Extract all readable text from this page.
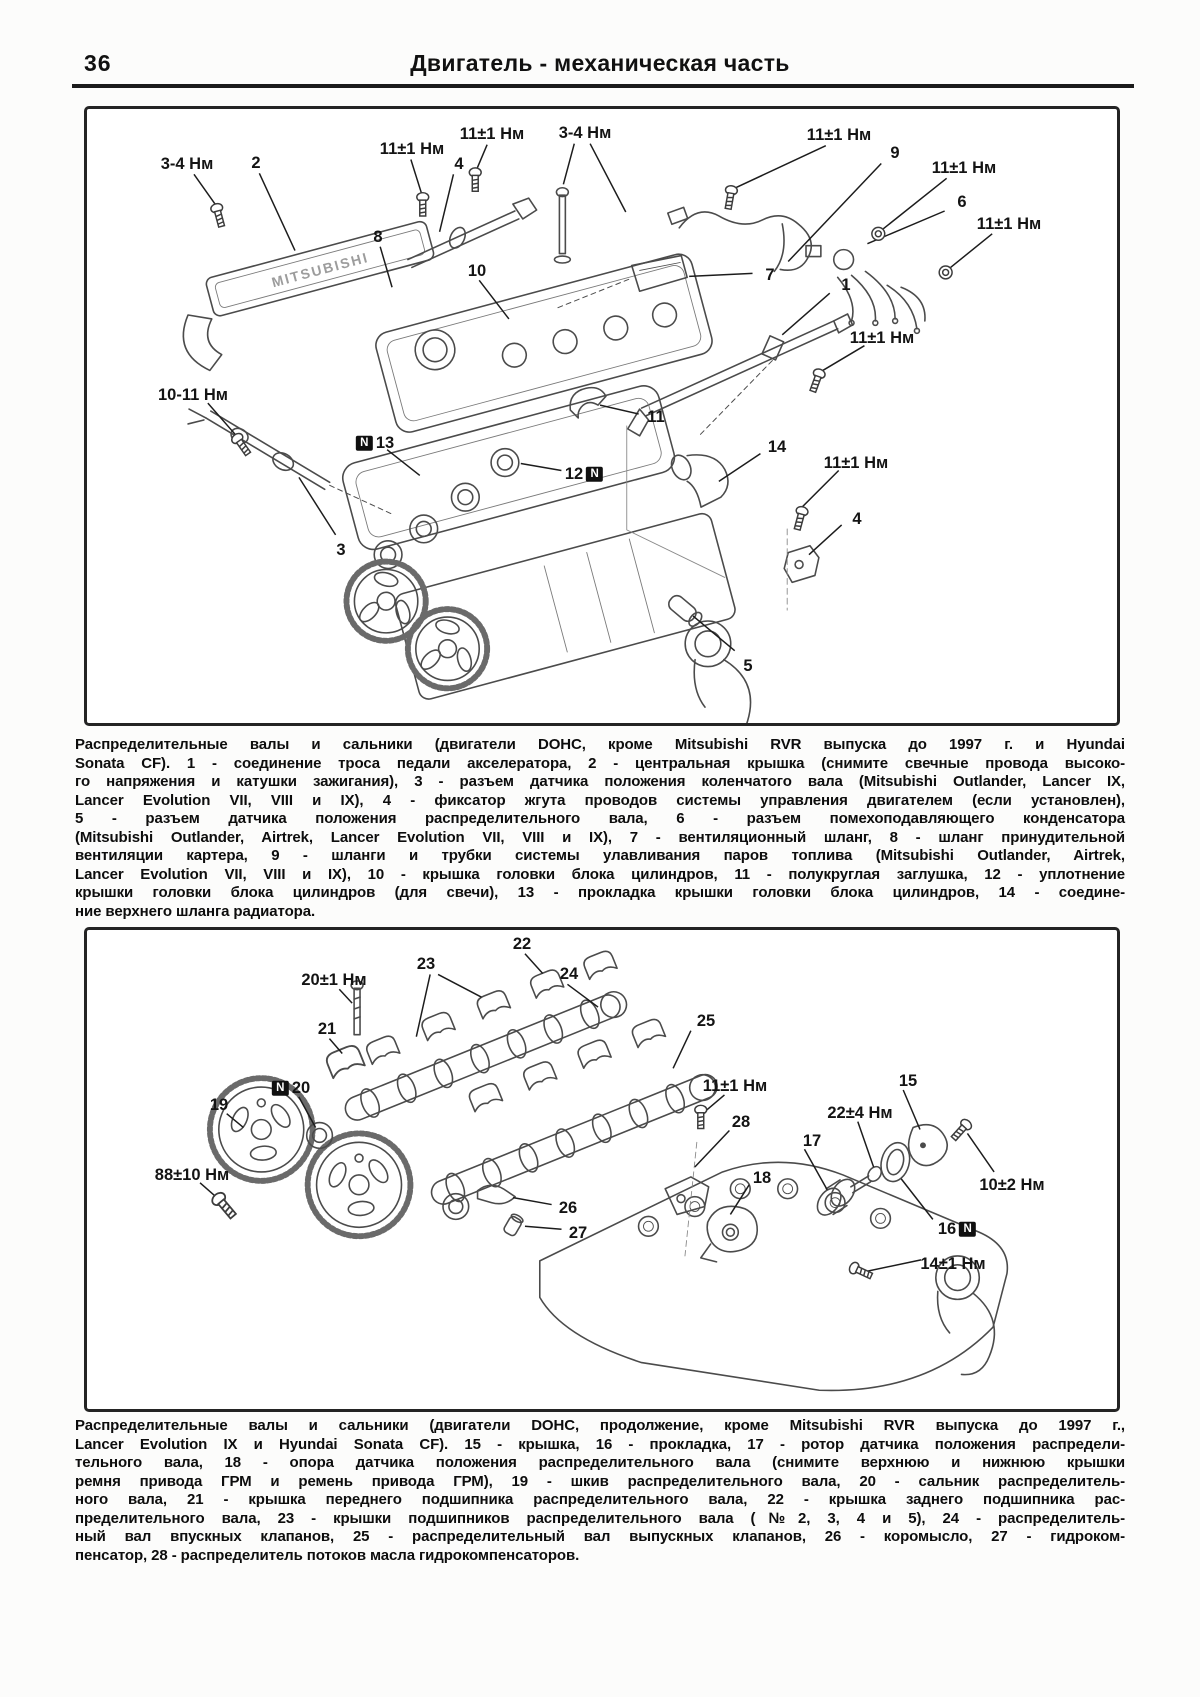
36	Двигатель - механическая часть
MITSUBISHI
3-4 Нм 2
11±1 Нм
4
11±1 Нм 3-4 Нм	11±1 Нм
9
11±1 Нм
6
11±1 Нм
8
10	7
1
11±1 Нм
10-11 Нм
11
N 13	14
11±1 Нм
12 N
4
3
5
Распределительные валы и сальники (двигатели DOHC, кроме Mitsubishi RVR выпуска до 1997 г. и Hyundai
Sonata CF). 1 - соединение троса педали акселератора, 2 - центральная крышка (снимите свечные провода высоко-
го напряжения и катушки зажигания), 3 - разъем датчика положения коленчатого вала (Mitsubishi Outlander, Lancer IX,
Lancer Evolution VII, VIII и IX), 4 - фиксатор жгута проводов системы управления двигателем (если установлен),
5 - разъем датчика положения распределительного вала, 6 - разъем помехоподавляющего конденсатора
(Mitsubishi Outlander, Airtrek, Lancer Evolution VII, VIII и IX), 7 - вентиляционный шланг, 8 - шланг принудительной
вентиляции картера, 9 - шланги и трубки системы улавливания паров топлива (Mitsubishi Outlander, Airtrek,
Lancer Evolution VII, VIII и IX), 10 - крышка головки блока цилиндров, 11 - полукруглая заглушка, 12 - уплотнение
крышки головки блока цилиндров (для свечи), 13 - прокладка крышки головки блока цилиндров, 14 - соедине-
ние верхнего шланга радиатора.
22
23
24
20±1 Нм
21	25
N 20
19
11±1 Нм	15
22±4 Нм
28
17
88±10 Нм	18	10±2 Нм
26
16 N
27
14±1 Нм
Распределительные валы и сальники (двигатели DOHC, продолжение, кроме Mitsubishi RVR выпуска до 1997 г.,
Lancer Evolution IX и Hyundai Sonata CF). 15 - крышка, 16 - прокладка, 17 - ротор датчика положения распредели-
тельного вала, 18 - опора датчика положения распределительного вала (снимите верхнюю и нижнюю крышки
ремня привода ГРМ и ремень привода ГРМ), 19 - шкив распределительного вала, 20 - сальник распределитель-
ного вала, 21 - крышка переднего подшипника распределительного вала, 22 - крышка заднего подшипника рас-
пределительного вала, 23 - крышки подшипников распределительного вала (№2, 3, 4 и 5), 24 - распределитель-
ный вал впускных клапанов, 25 - распределительный вал выпускных клапанов, 26 - коромысло, 27 - гидроком-
пенсатор, 28 - распределитель потоков масла гидрокомпенсаторов.
